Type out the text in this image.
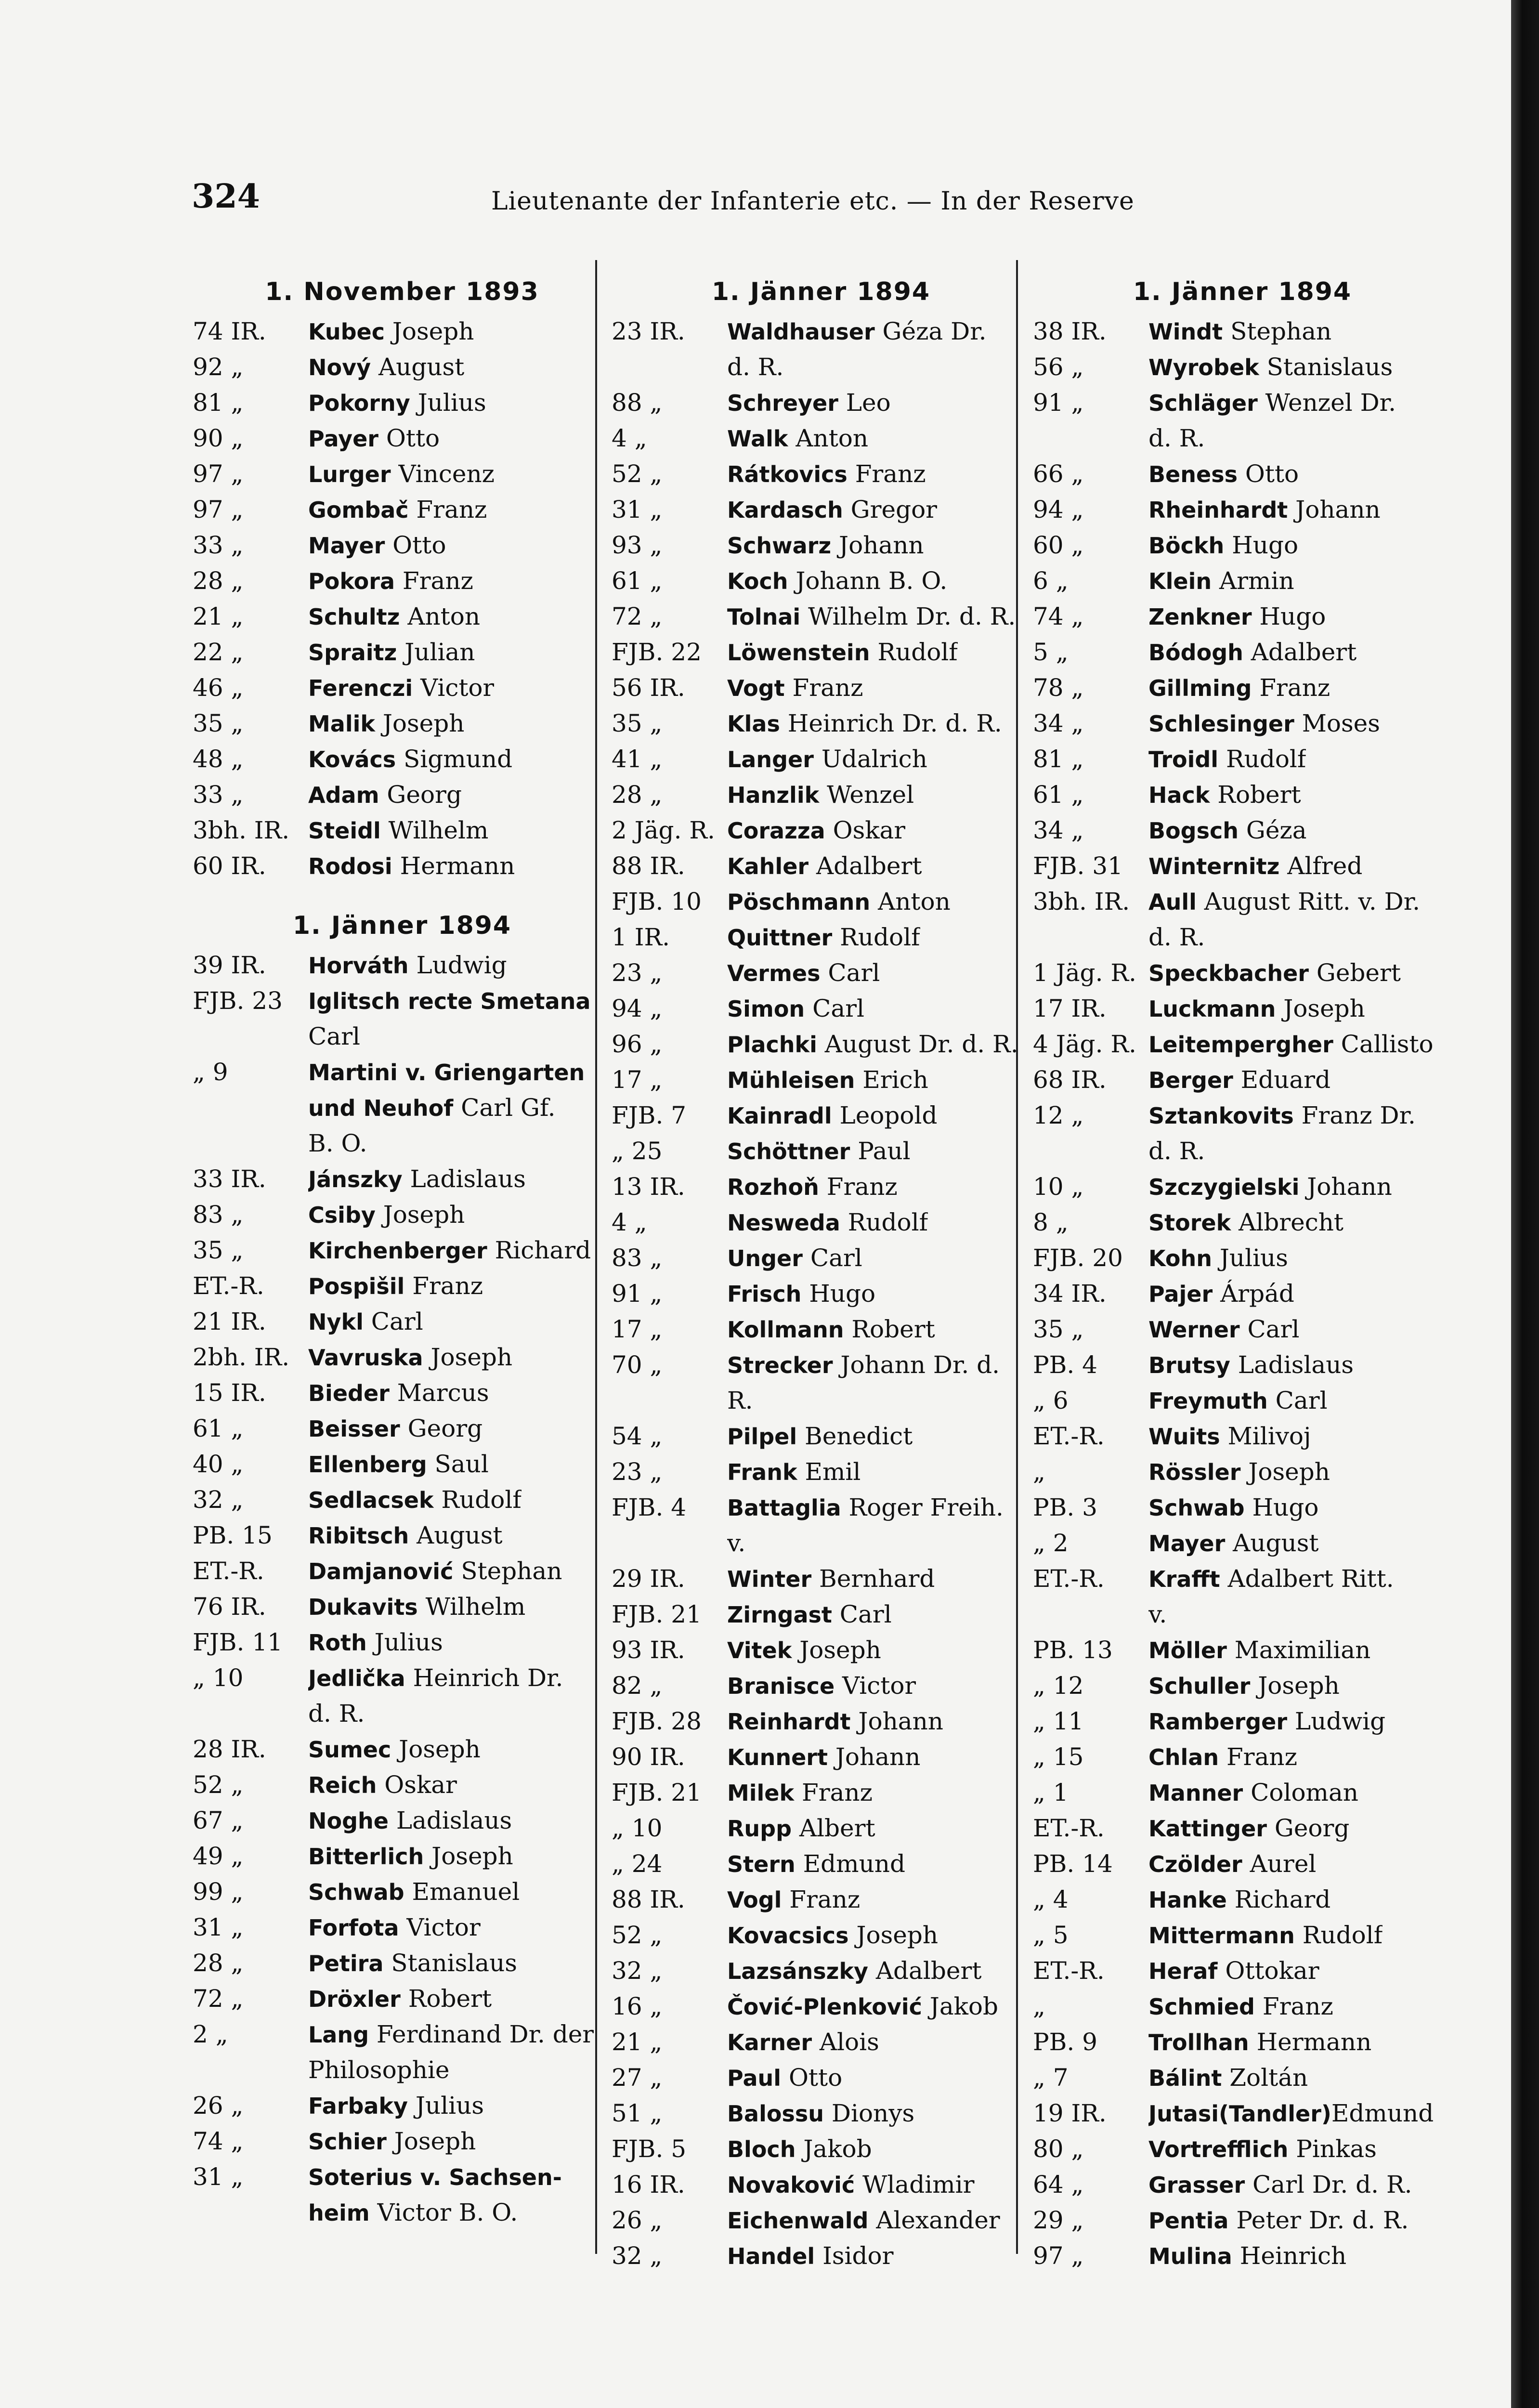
324	Lieutenante der Infanterie etc. — In der Reserve
1. November 1893
74 IR.	Kubec Joseph
92 „	Nový August
81 „	Pokorny Julius
90 „	Payer Otto
97 „	Lurger Vincenz
97 „	Gombač Franz
33 „	Mayer Otto
28 „	Pokora Franz
21 „	Schultz Anton
22 „	Spraitz Julian
46 „	Ferenczi Victor
35 „	Malik Joseph
48 „	Kovács Sigmund
33 „	Adam Georg
3bh. IR. Steidl Wilhelm
60 IR.	Rodosi Hermann
1. Jänner 1894
39 IR.	Horváth Ludwig
FJB. 23	Iglitsch recte Smetana
Carl
„ 9	Martini v. Griengarten
und Neuhof Carl Gf.
B. O.
33 IR.	Jánszky Ladislaus
83 „	Csiby Joseph
35 „	Kirchenberger Richard
ET.-R.	Pospišil Franz
21 IR.	Nykl Carl
2bh. IR. Vavruska Joseph
15 IR.	Bieder Marcus
61 „	Beisser Georg
40 „	Ellenberg Saul
32 „	Sedlacsek Rudolf
PB. 15	Ribitsch August
ET.-R.	Damjanović Stephan
76 IR.	Dukavits Wilhelm
FJB. 11	Roth Julius
„ 10	Jedlička Heinrich Dr.
d. R.
28 IR.	Sumec Joseph
52 „	Reich Oskar
67 „	Noghe Ladislaus
49 „	Bitterlich Joseph
99 „	Schwab Emanuel
31 „	Forfota Victor
28 „	Petira Stanislaus
72 „	Dröxler Robert
2 „	Lang Ferdinand Dr. der
Philosophie
26 „	Farbaky Julius
74 „	Schier Joseph
31 „	Soterius v. Sachsen-
heim Victor B. O.
1. Jänner 1894
23 IR.	Waldhauser Géza Dr.
d. R.
88 „	Schreyer Leo
4 „	Walk Anton
52 „	Rátkovics Franz
31 „	Kardasch Gregor
93 „	Schwarz Johann
61 „	Koch Johann B. O.
72 „	Tolnai Wilhelm Dr. d. R.
FJB. 22	Löwenstein Rudolf
56 IR.	Vogt Franz
35 „	Klas Heinrich Dr. d. R.
41 „	Langer Udalrich
28 „	Hanzlik Wenzel
2 Jäg. R. Corazza Oskar
88 IR.	Kahler Adalbert
FJB. 10	Pöschmann Anton
1 IR.	Quittner Rudolf
23 „	Vermes Carl
94 „	Simon Carl
96 „	Plachki August Dr. d. R.
17 „	Mühleisen Erich
FJB. 7	Kainradl Leopold
„ 25	Schöttner Paul
13 IR.	Rozhoň Franz
4 „	Nesweda Rudolf
83 „	Unger Carl
91 „	Frisch Hugo
17 „	Kollmann Robert
70 „	Strecker Johann Dr. d.
R.
54 „	Pilpel Benedict
23 „	Frank Emil
FJB. 4	Battaglia Roger Freih.
v.
29 IR.	Winter Bernhard
FJB. 21	Zirngast Carl
93 IR.	Vitek Joseph
82 „	Branisce Victor
FJB. 28	Reinhardt Johann
90 IR.	Kunnert Johann
FJB. 21	Milek Franz
„ 10	Rupp Albert
„ 24	Stern Edmund
88 IR.	Vogl Franz
52 „	Kovacsics Joseph
32 „	Lazsánszky Adalbert
16 „	Čović-Plenković Jakob
21 „	Karner Alois
27 „	Paul Otto
51 „	Balossu Dionys
FJB. 5	Bloch Jakob
16 IR.	Novaković Wladimir
26 „	Eichenwald Alexander
32 „	Handel Isidor
1. Jänner 1894
38 IR.	Windt Stephan
56 „	Wyrobek Stanislaus
91 „	Schläger Wenzel Dr.
d. R.
66 „	Beness Otto
94 „	Rheinhardt Johann
60 „	Böckh Hugo
6 „	Klein Armin
74 „	Zenkner Hugo
5 „	Bódogh Adalbert
78 „	Gillming Franz
34 „	Schlesinger Moses
81 „	Troidl Rudolf
61 „	Hack Robert
34 „	Bogsch Géza
FJB. 31	Winternitz Alfred
3bh. IR. Aull August Ritt. v. Dr.
d. R.
1 Jäg. R. Speckbacher Gebert
17 IR.	Luckmann Joseph
4 Jäg. R. Leitempergher Callisto
68 IR.	Berger Eduard
12 „	Sztankovits Franz Dr.
d. R.
10 „	Szczygielski Johann
8 „	Storek Albrecht
FJB. 20	Kohn Julius
34 IR.	Pajer Árpád
35 „	Werner Carl
PB. 4	Brutsy Ladislaus
„ 6	Freymuth Carl
ET.-R.	Wuits Milivoj
„	Rössler Joseph
PB. 3	Schwab Hugo
„ 2	Mayer August
ET.-R.	Krafft Adalbert Ritt.
v.
PB. 13	Möller Maximilian
„ 12	Schuller Joseph
„ 11	Ramberger Ludwig
„ 15	Chlan Franz
„ 1	Manner Coloman
ET.-R.	Kattinger Georg
PB. 14	Czölder Aurel
„ 4	Hanke Richard
„ 5	Mittermann Rudolf
ET.-R.	Heraf Ottokar
„	Schmied Franz
PB. 9	Trollhan Hermann
„ 7	Bálint Zoltán
19 IR.	Jutasi(Tandler)Edmund
80 „	Vortrefflich Pinkas
64 „	Grasser Carl Dr. d. R.
29 „	Pentia Peter Dr. d. R.
97 „	Mulina Heinrich
